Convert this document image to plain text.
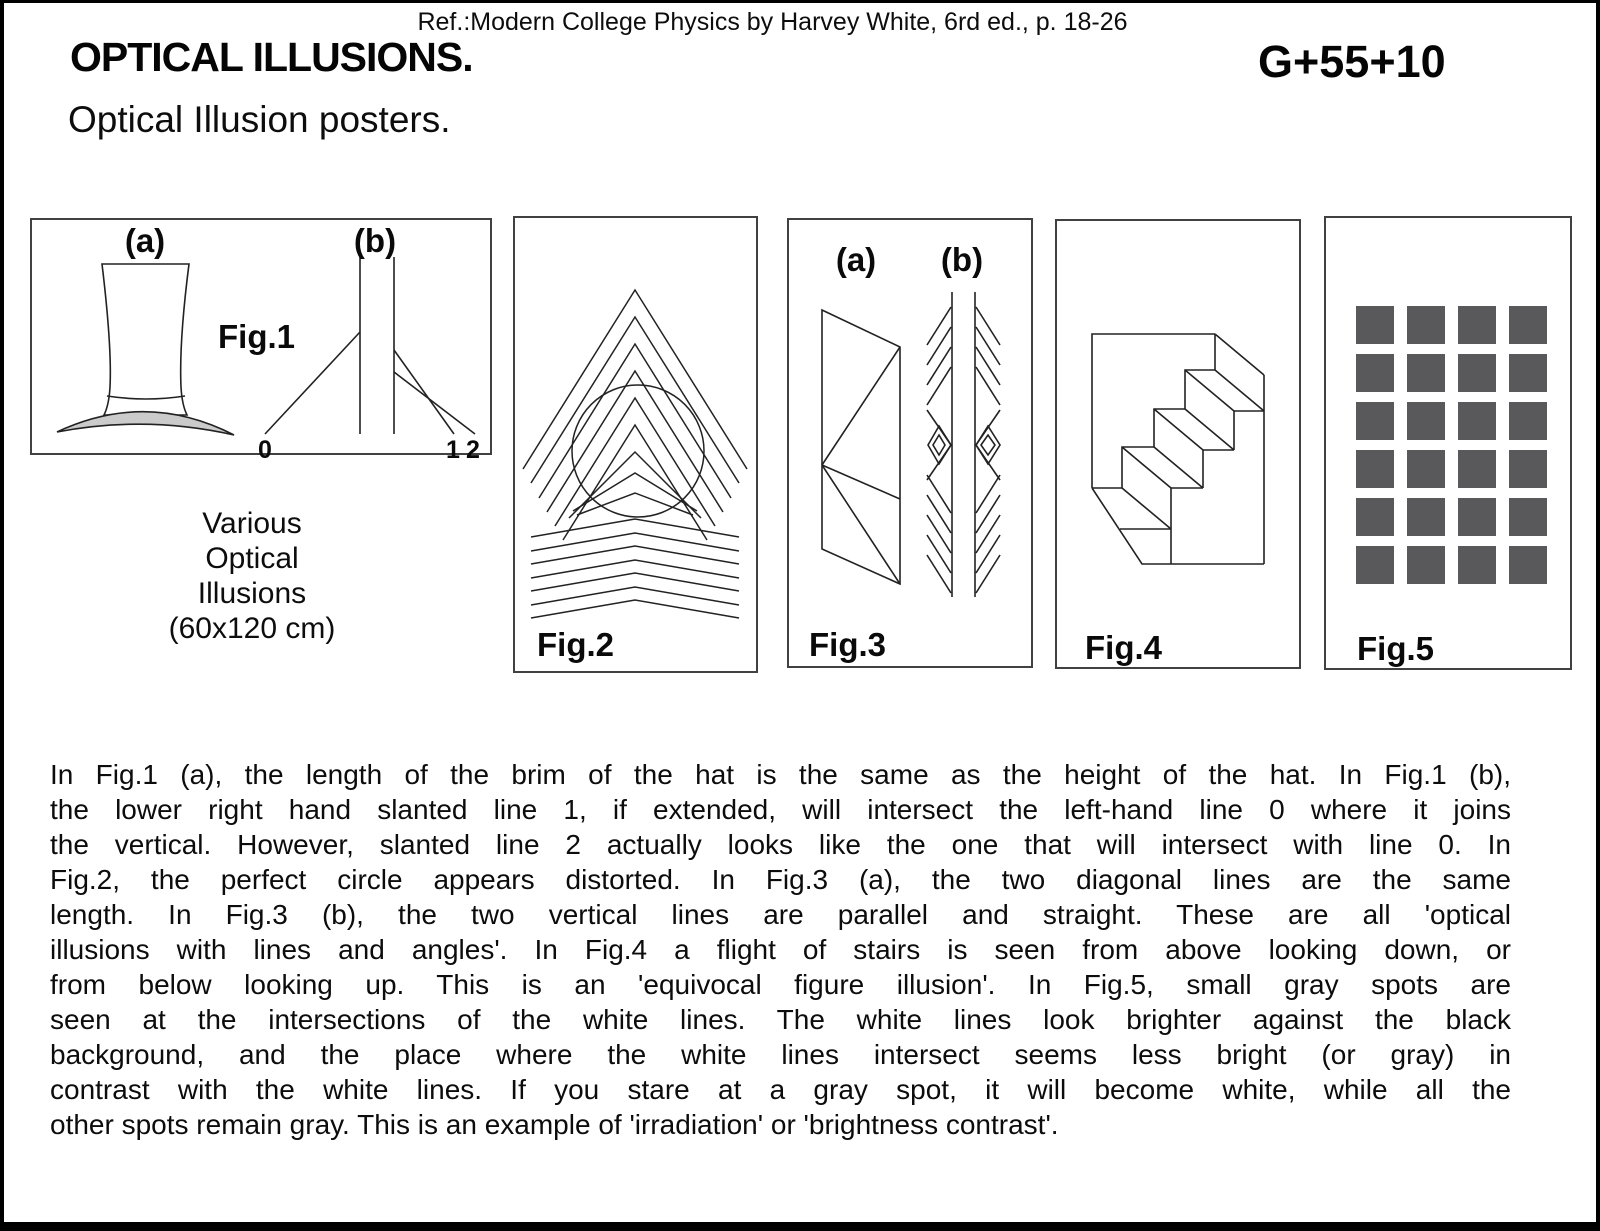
Ref.:Modern College Physics by Harvey White, 6rd ed., p. 18-26
OPTICAL ILLUSIONS.	G+55+10
Optical Illusion posters.
(a)	(b)
Fig.1
0	1 2
Various
Optical
Illusions
(60x120 cm)	Fig.2
(a) (b)
Fig.3	Fig.4	Fig.5
In Fig.1 (a), the length of the brim of the hat is the same as the height of the hat. In Fig.1 (b),
the lower right hand slanted line 1, if extended, will intersect the left-hand line 0 where it joins
the vertical. However, slanted line 2 actually looks like the one that will intersect with line 0. In
Fig.2, the perfect circle appears distorted. In Fig.3 (a), the two diagonal lines are the same
length. In Fig.3 (b), the two vertical lines are parallel and straight. These are all 'optical
illusions with lines and angles'. In Fig.4 a flight of stairs is seen from above looking down, or
from below looking up. This is an 'equivocal figure illusion'. In Fig.5, small gray spots are
seen at the intersections of the white lines. The white lines look brighter against the black
background, and the place where the white lines intersect seems less bright (or gray) in
contrast with the white lines. If you stare at a gray spot, it will become white, while all the
other spots remain gray. This is an example of 'irradiation' or 'brightness contrast'.
